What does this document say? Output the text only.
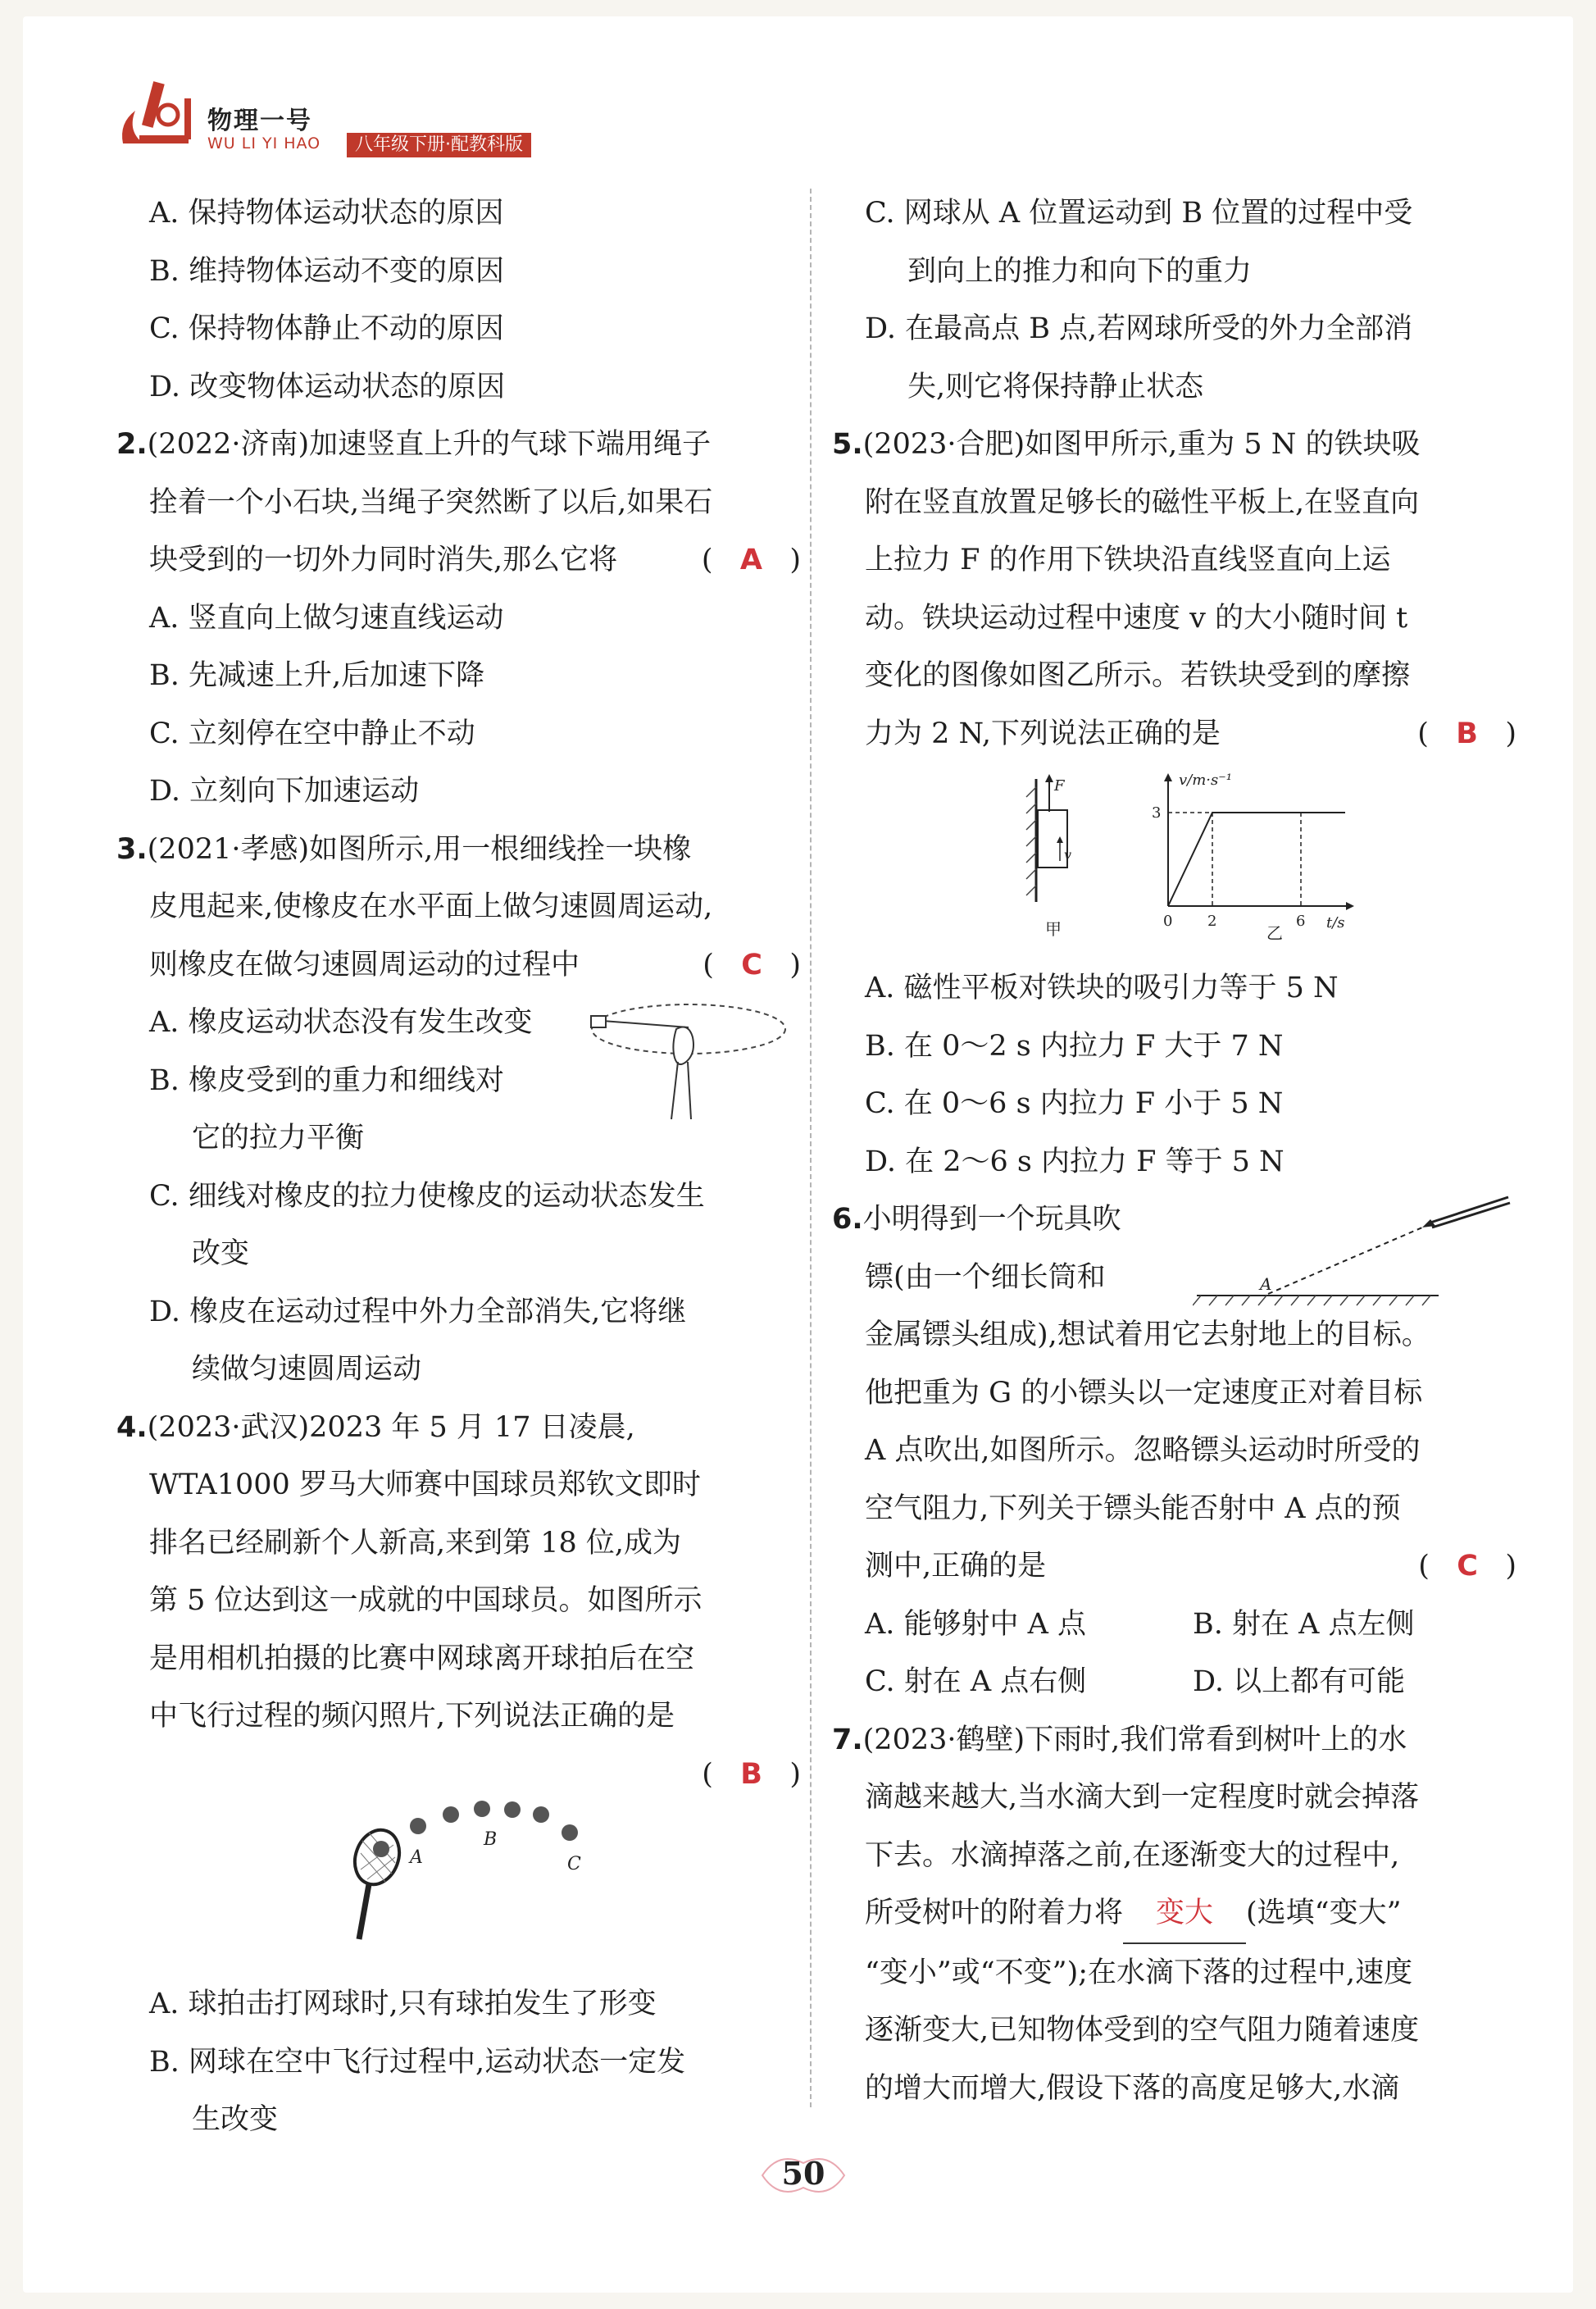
物理一号
WU LI YI HAO	八年级下册·配教科版
A. 保持物体运动状态的原因
B. 维持物体运动不变的原因
C. 保持物体静止不动的原因
D. 改变物体运动状态的原因
2.(2022·济南)加速竖直上升的气球下端用绳子
拴着一个小石块,当绳子突然断了以后,如果石
块受到的一切外力同时消失,那么它将	(   A   )
A. 竖直向上做匀速直线运动
B. 先减速上升,后加速下降
C. 立刻停在空中静止不动
D. 立刻向下加速运动
3.(2021·孝感)如图所示,用一根细线拴一块橡
皮甩起来,使橡皮在水平面上做匀速圆周运动,
则橡皮在做匀速圆周运动的过程中	(   C   )
A. 橡皮运动状态没有发生改变
B. 橡皮受到的重力和细线对
它的拉力平衡
C. 细线对橡皮的拉力使橡皮的运动状态发生
改变
D. 橡皮在运动过程中外力全部消失,它将继
续做匀速圆周运动
4.(2023·武汉)2023 年 5 月 17 日凌晨,
WTA1000 罗马大师赛中国球员郑钦文即时
排名已经刷新个人新高,来到第 18 位,成为
第 5 位达到这一成就的中国球员。如图所示
是用相机拍摄的比赛中网球离开球拍后在空
中飞行过程的频闪照片,下列说法正确的是
(   B   )

A. 球拍击打网球时,只有球拍发生了形变
B. 网球在空中飞行过程中,运动状态一定发
生改变
A
B
C
C. 网球从 A 位置运动到 B 位置的过程中受
到向上的推力和向下的重力
D. 在最高点 B 点,若网球所受的外力全部消
失,则它将保持静止状态
5.(2023·合肥)如图甲所示,重为 5 N 的铁块吸
附在竖直放置足够长的磁性平板上,在竖直向
上拉力 F 的作用下铁块沿直线竖直向上运
动。铁块运动过程中速度 v 的大小随时间 t
变化的图像如图乙所示。若铁块受到的摩擦
力为 2 N,下列说法正确的是	(   B   )
A. 磁性平板对铁块的吸引力等于 5 N
B. 在 0～2 s 内拉力 F 大于 7 N
C. 在 0～6 s 内拉力 F 小于 5 N
D. 在 2～6 s 内拉力 F 等于 5 N
6.小明得到一个玩具吹
镖(由一个细长筒和
金属镖头组成),想试着用它去射地上的目标。
他把重为 G 的小镖头以一定速度正对着目标
A 点吹出,如图所示。忽略镖头运动时所受的
空气阻力,下列关于镖头能否射中 A 点的预
测中,正确的是	(   C   )
A. 能够射中 A 点	B. 射在 A 点左侧
C. 射在 A 点右侧	D. 以上都有可能
7.(2023·鹤壁)下雨时,我们常看到树叶上的水
滴越来越大,当水滴大到一定程度时就会掉落
下去。水滴掉落之前,在逐渐变大的过程中,
所受树叶的附着力将 变大 (选填“变大”
“变小”或“不变”);在水滴下落的过程中,速度
逐渐变大,已知物体受到的空气阻力随着速度
的增大而增大,假设下落的高度足够大,水滴
F
v
甲
v/m·s⁻¹
t/s
0 2	6
3
乙
A
50
